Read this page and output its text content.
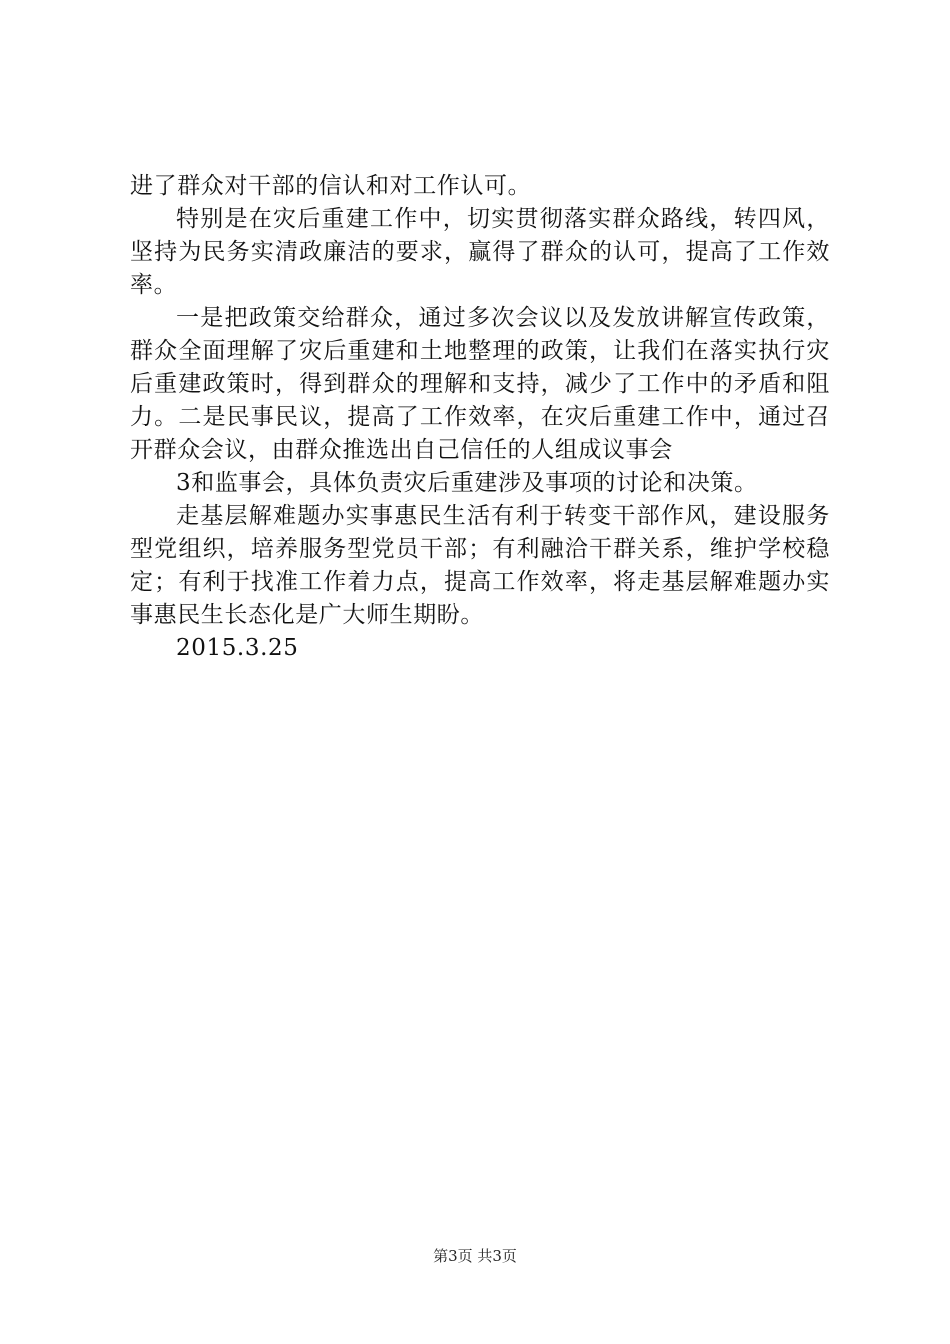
进了群众对干部的信认和对工作认可。

特别是在灾后重建工作中，切实贯彻落实群众路线，转四风，坚持为民务实清政廉洁的要求，赢得了群众的认可，提高了工作效率。

一是把政策交给群众，通过多次会议以及发放讲解宣传政策，群众全面理解了灾后重建和土地整理的政策，让我们在落实执行灾后重建政策时，得到群众的理解和支持，减少了工作中的矛盾和阻力。二是民事民议，提高了工作效率，在灾后重建工作中，通过召开群众会议，由群众推选出自己信任的人组成议事会

3和监事会，具体负责灾后重建涉及事项的讨论和决策。

走基层解难题办实事惠民生活有利于转变干部作风，建设服务型党组织，培养服务型党员干部；有利融洽干群关系，维护学校稳定；有利于找准工作着力点，提高工作效率，将走基层解难题办实事惠民生长态化是广大师生期盼。

2015.3.25

第3页 共3页
